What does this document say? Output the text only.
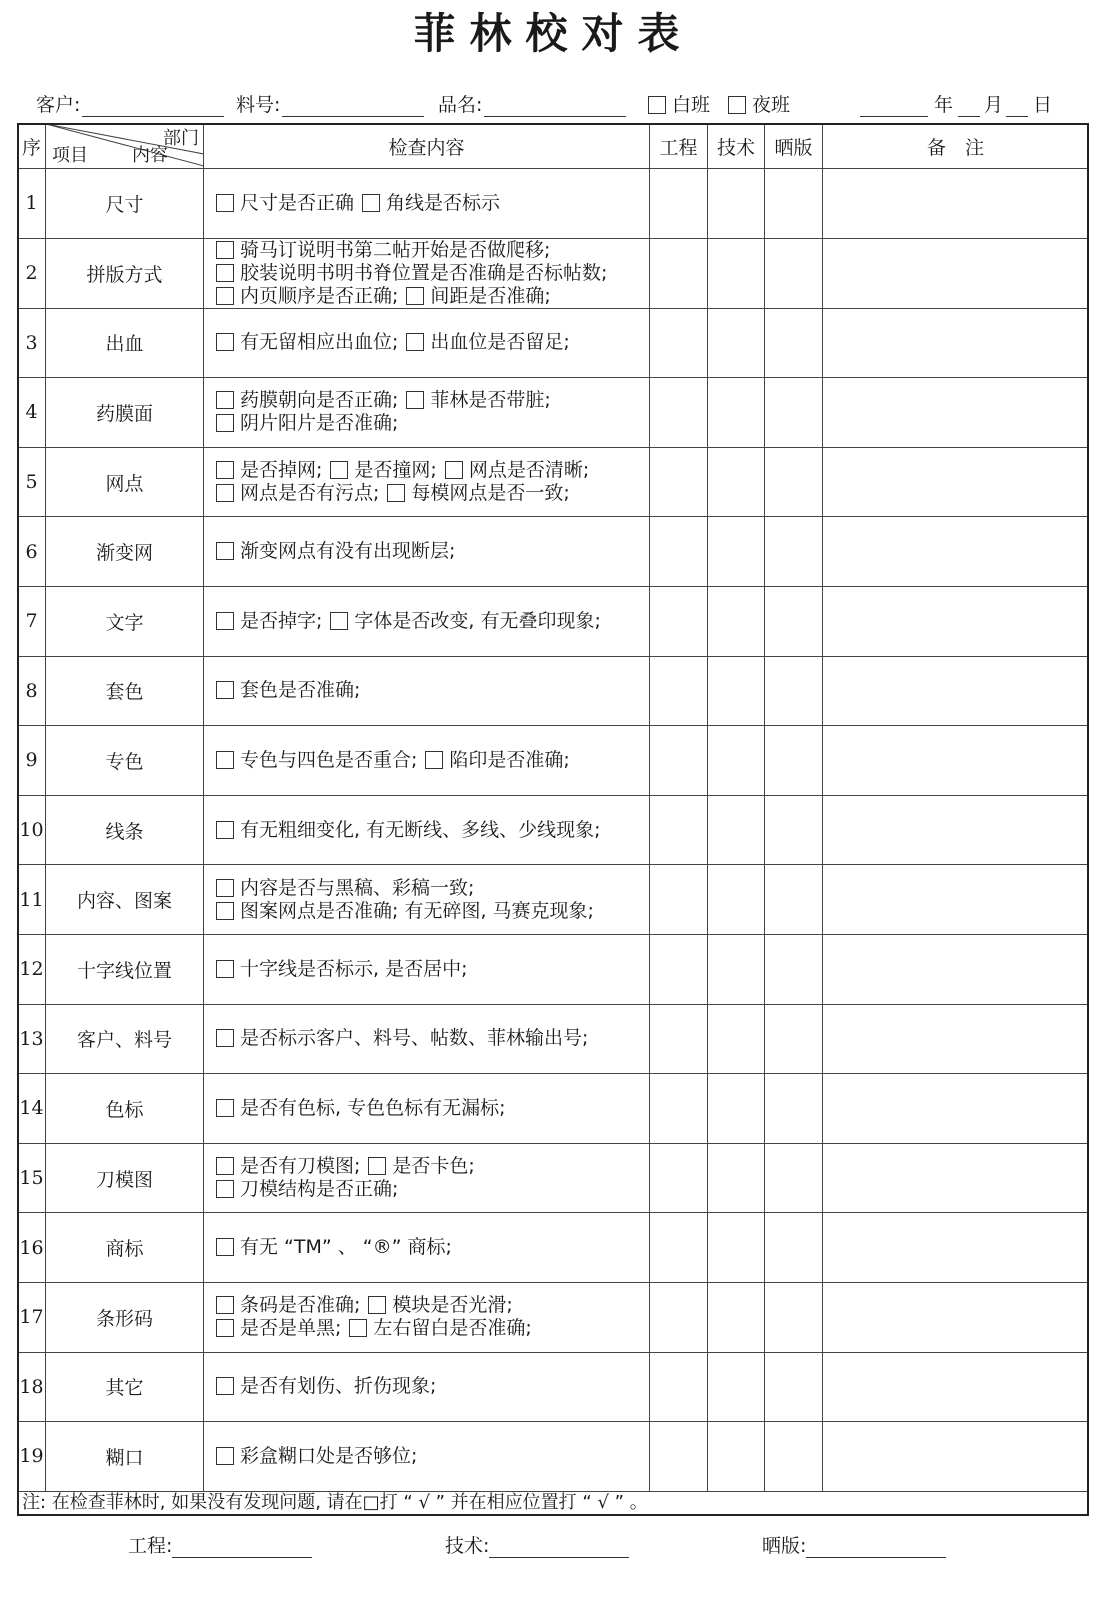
菲林校对表
客户:	料号:	品名:	白班	夜班	年 月 日
序	部门
项目 内容	检查内容	工程	技术	晒版	备　注
1	尺寸	尺寸是否正确 角线是否标示				

2	拼版方式	骑马订说明书第二帖开始是否做爬移;
胶装说明书明书脊位置是否准确是否标帖数;
内页顺序是否正确; 间距是否准确;				

3	出血	有无留相应出血位; 出血位是否留足;				

4	药膜面	药膜朝向是否正确; 菲林是否带脏;
阴片阳片是否准确;				

5	网点	是否掉网; 是否撞网; 网点是否清晰;
网点是否有污点; 每模网点是否一致;				

6	渐变网	渐变网点有没有出现断层;				

7	文字	是否掉字; 字体是否改变, 有无叠印现象;				

8	套色	套色是否准确;				

9	专色	专色与四色是否重合; 陷印是否准确;				

10	线条	有无粗细变化, 有无断线、多线、少线现象;				

11	内容、图案	内容是否与黑稿、彩稿一致;
图案网点是否准确; 有无碎图, 马赛克现象;				

12	十字线位置	十字线是否标示, 是否居中;				

13	客户、料号	是否标示客户、料号、帖数、菲林输出号;				

14	色标	是否有色标, 专色色标有无漏标;				

15	刀模图	是否有刀模图; 是否卡色;
刀模结构是否正确;				

16	商标	有无 “TM” 、 “®” 商标;				

17	条形码	条码是否准确; 模块是否光滑;
是否是单黑; 左右留白是否准确;				

18	其它	是否有划伤、折伤现象;				

19	糊口	彩盒糊口处是否够位;				

注: 在检查菲林时, 如果没有发现问题, 请在□打 “ √ ” 并在相应位置打 “ √ ” 。
工程:	技术:	晒版:
